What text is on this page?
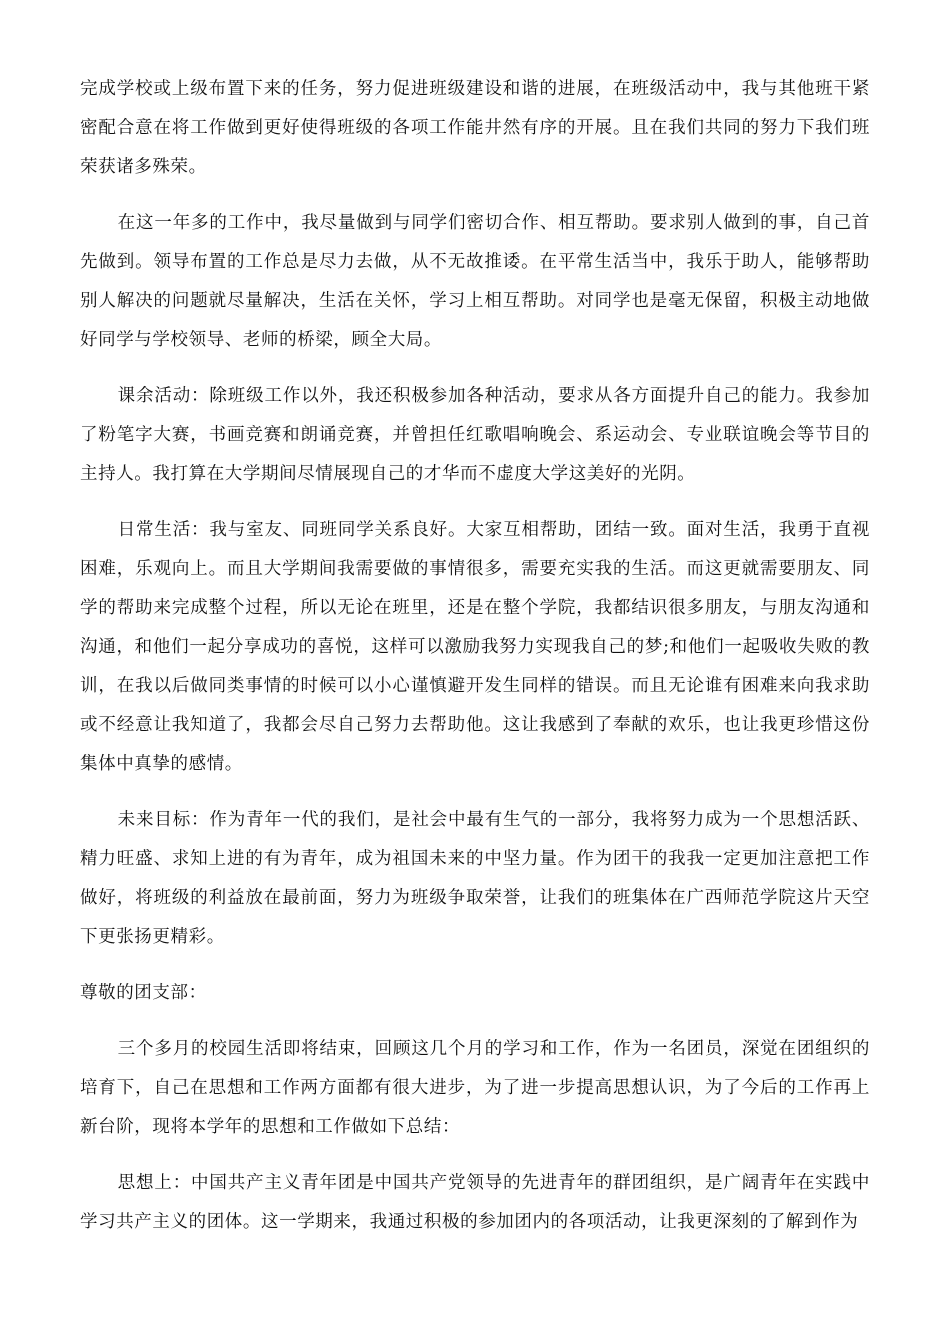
完成学校或上级布置下来的任务，努力促进班级建设和谐的进展，在班级活动中，我与其他班干紧密配合意在将工作做到更好使得班级的各项工作能井然有序的开展。且在我们共同的努力下我们班荣获诸多殊荣。

在这一年多的工作中，我尽量做到与同学们密切合作、相互帮助。要求别人做到的事，自己首先做到。领导布置的工作总是尽力去做，从不无故推诿。在平常生活当中，我乐于助人，能够帮助别人解决的问题就尽量解决，生活在关怀，学习上相互帮助。对同学也是毫无保留，积极主动地做好同学与学校领导、老师的桥梁，顾全大局。

课余活动：除班级工作以外，我还积极参加各种活动，要求从各方面提升自己的能力。我参加了粉笔字大赛，书画竞赛和朗诵竞赛，并曾担任红歌唱响晚会、系运动会、专业联谊晚会等节目的主持人。我打算在大学期间尽情展现自己的才华而不虚度大学这美好的光阴。

日常生活：我与室友、同班同学关系良好。大家互相帮助，团结一致。面对生活，我勇于直视困难，乐观向上。而且大学期间我需要做的事情很多，需要充实我的生活。而这更就需要朋友、同学的帮助来完成整个过程，所以无论在班里，还是在整个学院，我都结识很多朋友，与朋友沟通和沟通，和他们一起分享成功的喜悦，这样可以激励我努力实现我自己的梦;和他们一起吸收失败的教训，在我以后做同类事情的时候可以小心谨慎避开发生同样的错误。而且无论谁有困难来向我求助或不经意让我知道了，我都会尽自己努力去帮助他。这让我感到了奉献的欢乐，也让我更珍惜这份集体中真挚的感情。

未来目标：作为青年一代的我们，是社会中最有生气的一部分，我将努力成为一个思想活跃、精力旺盛、求知上进的有为青年，成为祖国未来的中坚力量。作为团干的我我一定更加注意把工作做好，将班级的利益放在最前面，努力为班级争取荣誉，让我们的班集体在广西师范学院这片天空下更张扬更精彩。

尊敬的团支部：

三个多月的校园生活即将结束，回顾这几个月的学习和工作，作为一名团员，深觉在团组织的培育下，自己在思想和工作两方面都有很大进步，为了进一步提高思想认识，为了今后的工作再上新台阶，现将本学年的思想和工作做如下总结：

思想上：中国共产主义青年团是中国共产党领导的先进青年的群团组织，是广阔青年在实践中学习共产主义的团体。这一学期来，我通过积极的参加团内的各项活动，让我更深刻的了解到作为
